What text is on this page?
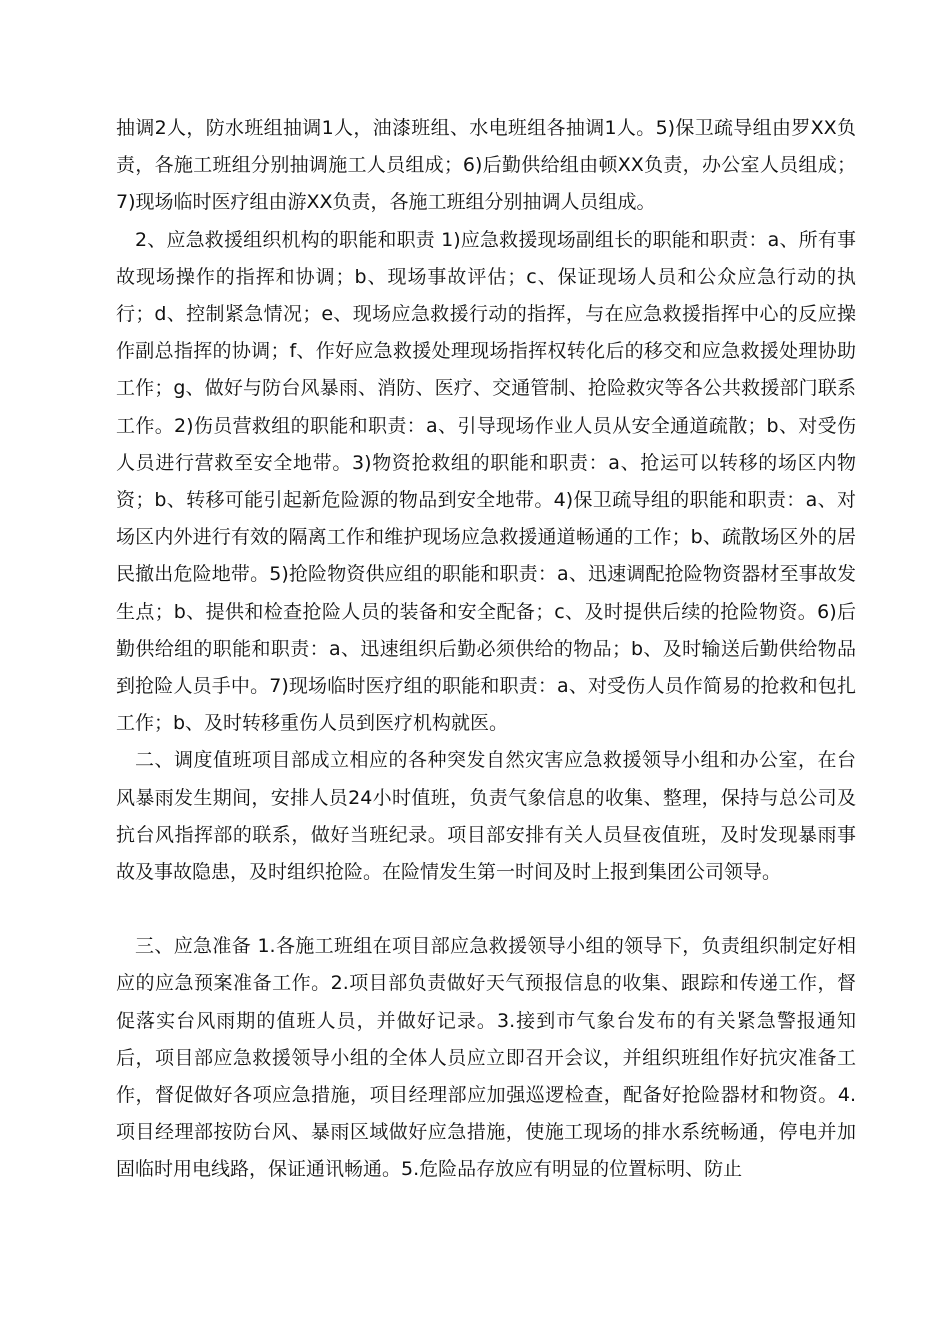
抽调2人，防水班组抽调1人，油漆班组、水电班组各抽调1人。5)保卫疏导组由罗XX负责，各施工班组分别抽调施工人员组成；6)后勤供给组由顿XX负责，办公室人员组成；7)现场临时医疗组由游XX负责，各施工班组分别抽调人员组成。

2、应急救援组织机构的职能和职责 1)应急救援现场副组长的职能和职责：a、所有事故现场操作的指挥和协调；b、现场事故评估；c、保证现场人员和公众应急行动的执行；d、控制紧急情况；e、现场应急救援行动的指挥，与在应急救援指挥中心的反应操作副总指挥的协调；f、作好应急救援处理现场指挥权转化后的移交和应急救援处理协助工作；g、做好与防台风暴雨、消防、医疗、交通管制、抢险救灾等各公共救援部门联系工作。2)伤员营救组的职能和职责：a、引导现场作业人员从安全通道疏散；b、对受伤人员进行营救至安全地带。3)物资抢救组的职能和职责：a、抢运可以转移的场区内物资；b、转移可能引起新危险源的物品到安全地带。4)保卫疏导组的职能和职责：a、对场区内外进行有效的隔离工作和维护现场应急救援通道畅通的工作；b、疏散场区外的居民撤出危险地带。5)抢险物资供应组的职能和职责：a、迅速调配抢险物资器材至事故发生点；b、提供和检查抢险人员的装备和安全配备；c、及时提供后续的抢险物资。6)后勤供给组的职能和职责：a、迅速组织后勤必须供给的物品；b、及时输送后勤供给物品到抢险人员手中。7)现场临时医疗组的职能和职责：a、对受伤人员作简易的抢救和包扎工作；b、及时转移重伤人员到医疗机构就医。

二、调度值班项目部成立相应的各种突发自然灾害应急救援领导小组和办公室，在台风暴雨发生期间，安排人员24小时值班，负责气象信息的收集、整理，保持与总公司及抗台风指挥部的联系，做好当班纪录。项目部安排有关人员昼夜值班，及时发现暴雨事故及事故隐患，及时组织抢险。在险情发生第一时间及时上报到集团公司领导。

三、应急准备 1.各施工班组在项目部应急救援领导小组的领导下，负责组织制定好相应的应急预案准备工作。2.项目部负责做好天气预报信息的收集、跟踪和传递工作，督促落实台风雨期的值班人员，并做好记录。3.接到市气象台发布的有关紧急警报通知后，项目部应急救援领导小组的全体人员应立即召开会议，并组织班组作好抗灾准备工作，督促做好各项应急措施，项目经理部应加强巡逻检查，配备好抢险器材和物资。4.项目经理部按防台风、暴雨区域做好应急措施，使施工现场的排水系统畅通，停电并加固临时用电线路，保证通讯畅通。5.危险品存放应有明显的位置标明、防止
